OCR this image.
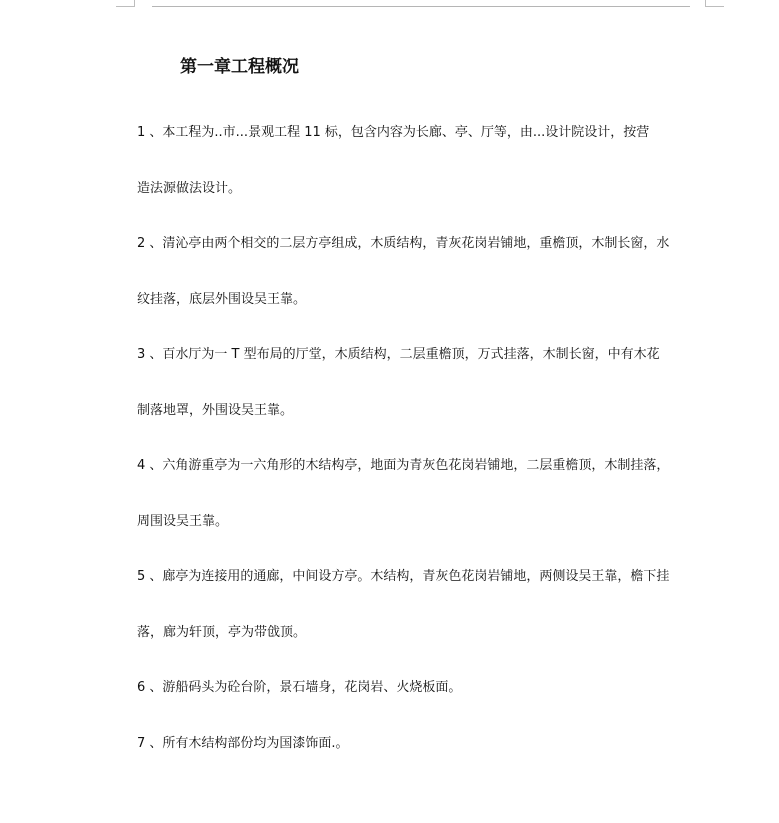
第一章工程概况
1 、本工程为..市...景观工程 11 标，包含内容为长廊、亭、厅等，由...设计院设计，按营
造法源做法设计。
2 、清沁亭由两个相交的二层方亭组成，木质结构，青灰花岗岩铺地，重檐顶，木制长窗，水
纹挂落，底层外围设吴王靠。
3 、百水厅为一 T 型布局的厅堂，木质结构，二层重檐顶，万式挂落，木制长窗，中有木花
制落地罩，外围设吴王靠。
4 、六角游重亭为一六角形的木结构亭，地面为青灰色花岗岩铺地，二层重檐顶，木制挂落，
周围设吴王靠。
5 、廊亭为连接用的通廊，中间设方亭。木结构，青灰色花岗岩铺地，两侧设吴王靠，檐下挂
落，廊为轩顶，亭为带戗顶。
6 、游船码头为砼台阶，景石墙身，花岗岩、火烧板面。
7 、所有木结构部份均为国漆饰面.。
